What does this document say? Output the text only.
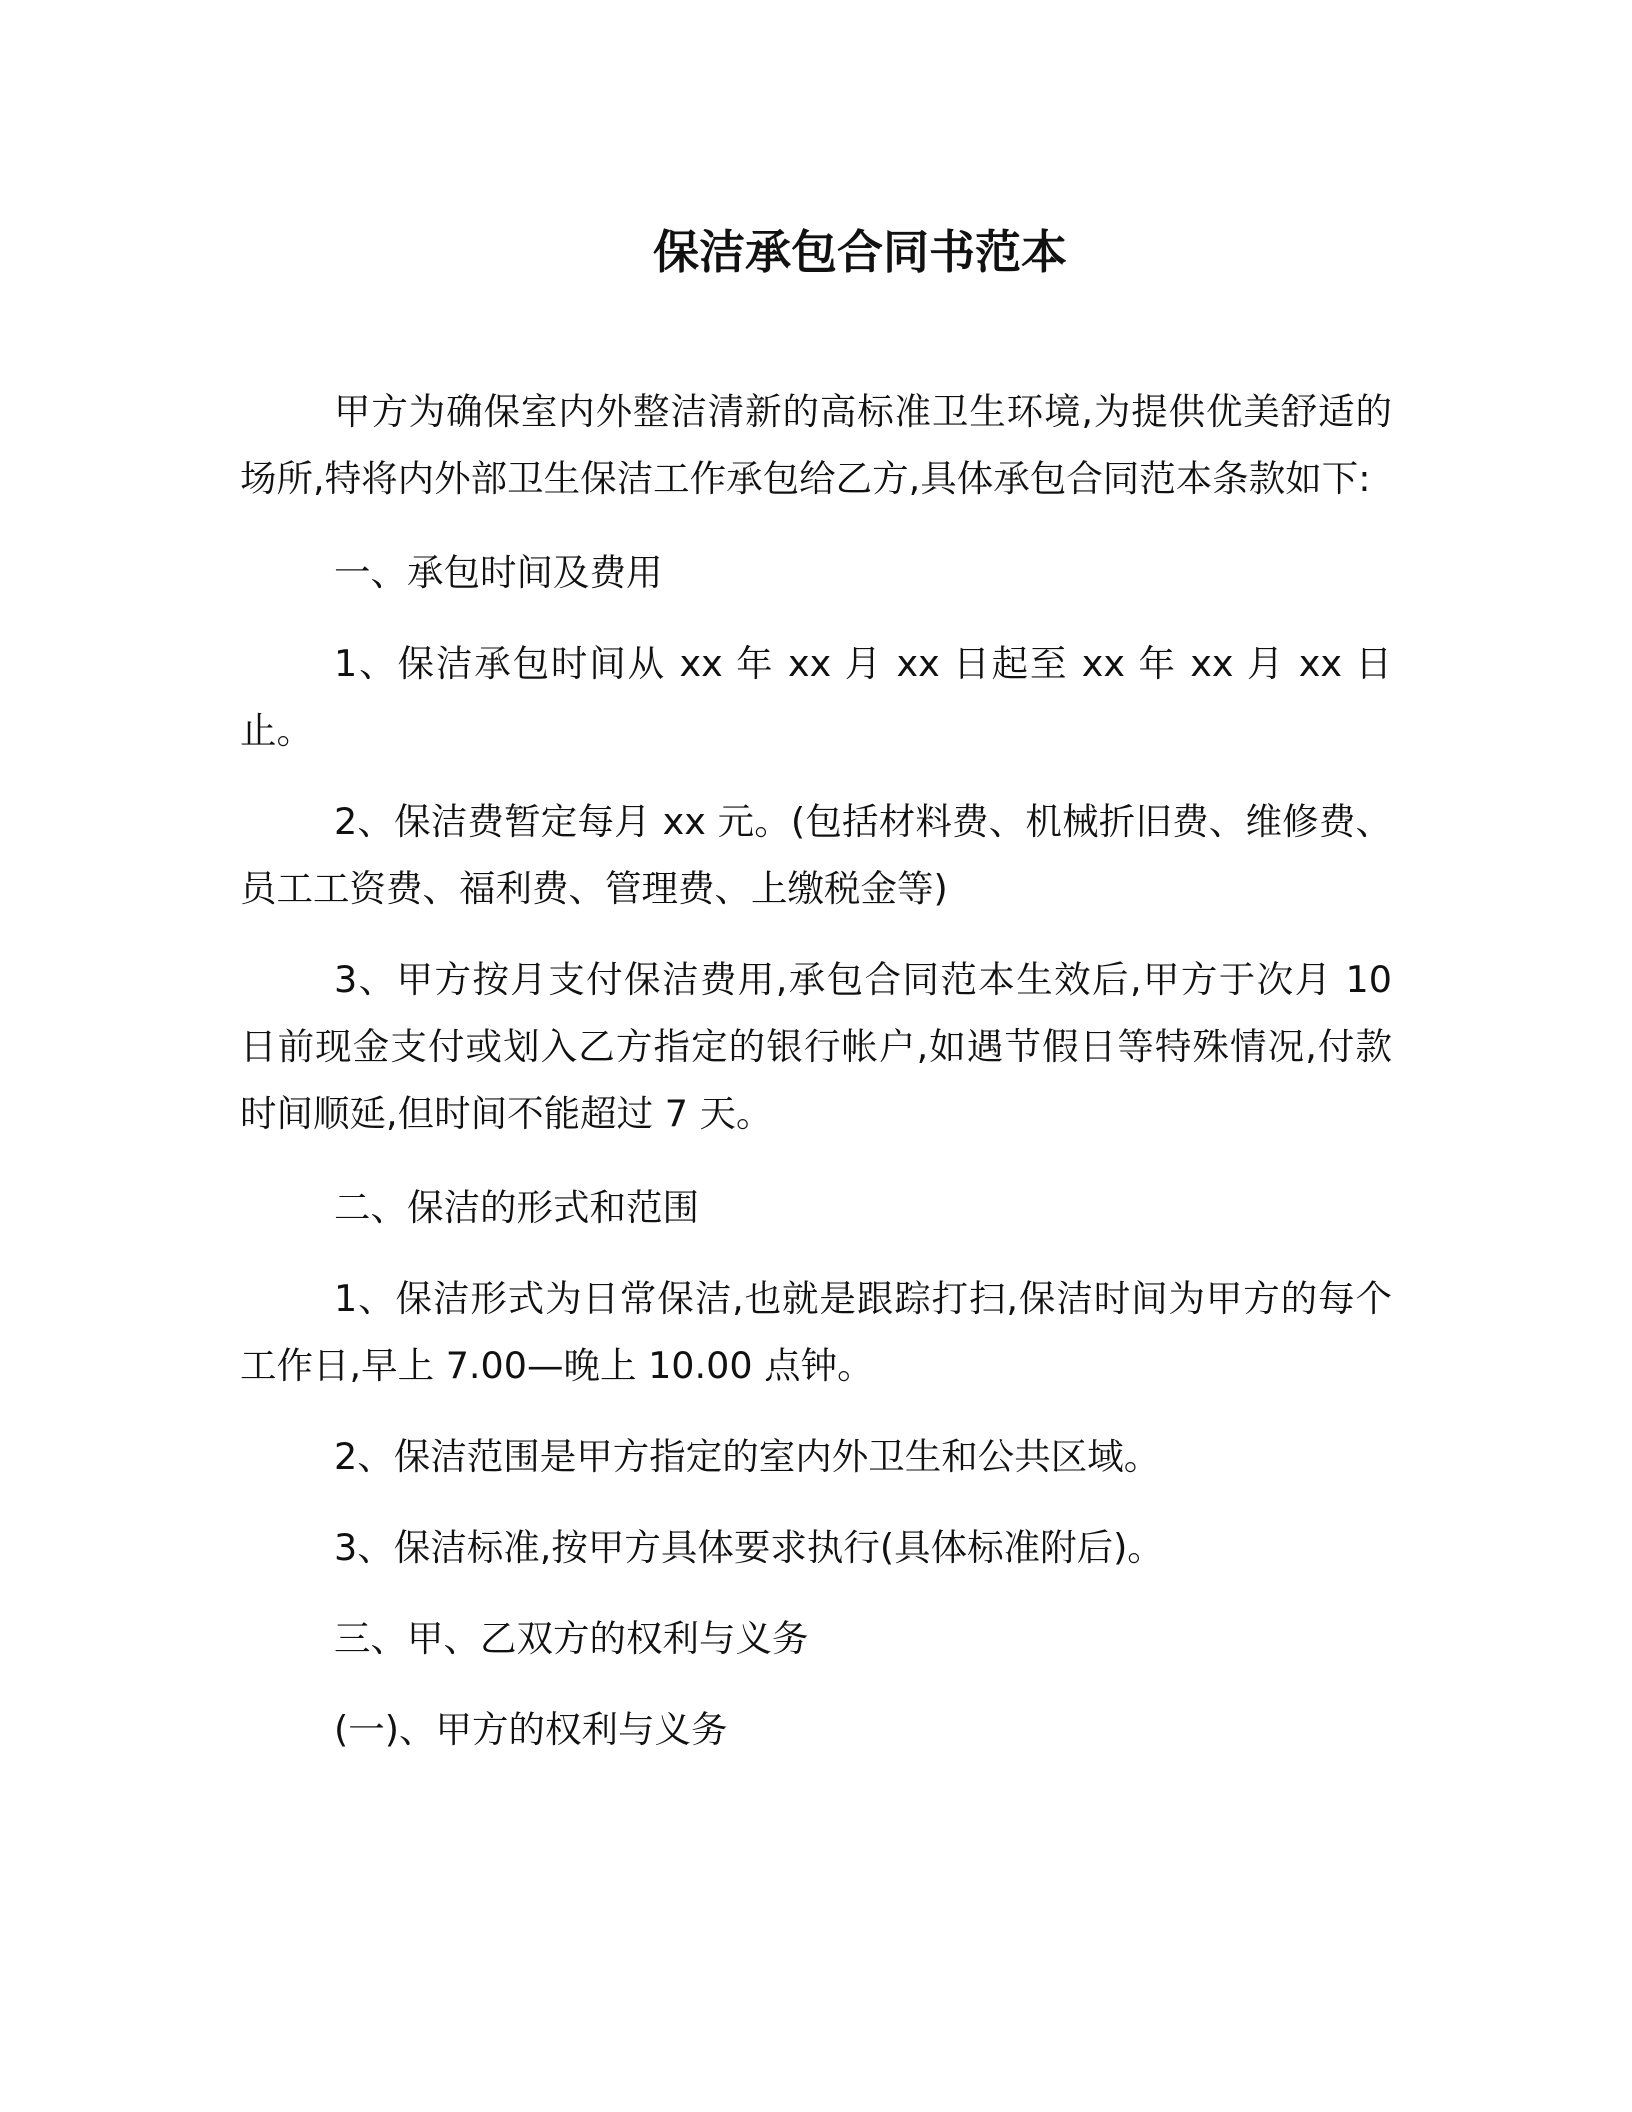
保洁承包合同书范本

甲方为确保室内外整洁清新的高标准卫生环境,为提供优美舒适的场所,特将内外部卫生保洁工作承包给乙方,具体承包合同范本条款如下:

一、承包时间及费用

1、保洁承包时间从 xx 年 xx 月 xx 日起至 xx 年 xx 月 xx 日止。

2、保洁费暂定每月 xx 元。(包括材料费、机械折旧费、维修费、员工工资费、福利费、管理费、上缴税金等)

3、甲方按月支付保洁费用,承包合同范本生效后,甲方于次月 10 日前现金支付或划入乙方指定的银行帐户,如遇节假日等特殊情况,付款时间顺延,但时间不能超过 7 天。

二、保洁的形式和范围

1、保洁形式为日常保洁,也就是跟踪打扫,保洁时间为甲方的每个工作日,早上 7.00—晚上 10.00 点钟。

2、保洁范围是甲方指定的室内外卫生和公共区域。

3、保洁标准,按甲方具体要求执行(具体标准附后)。

三、甲、乙双方的权利与义务

(一)、甲方的权利与义务
